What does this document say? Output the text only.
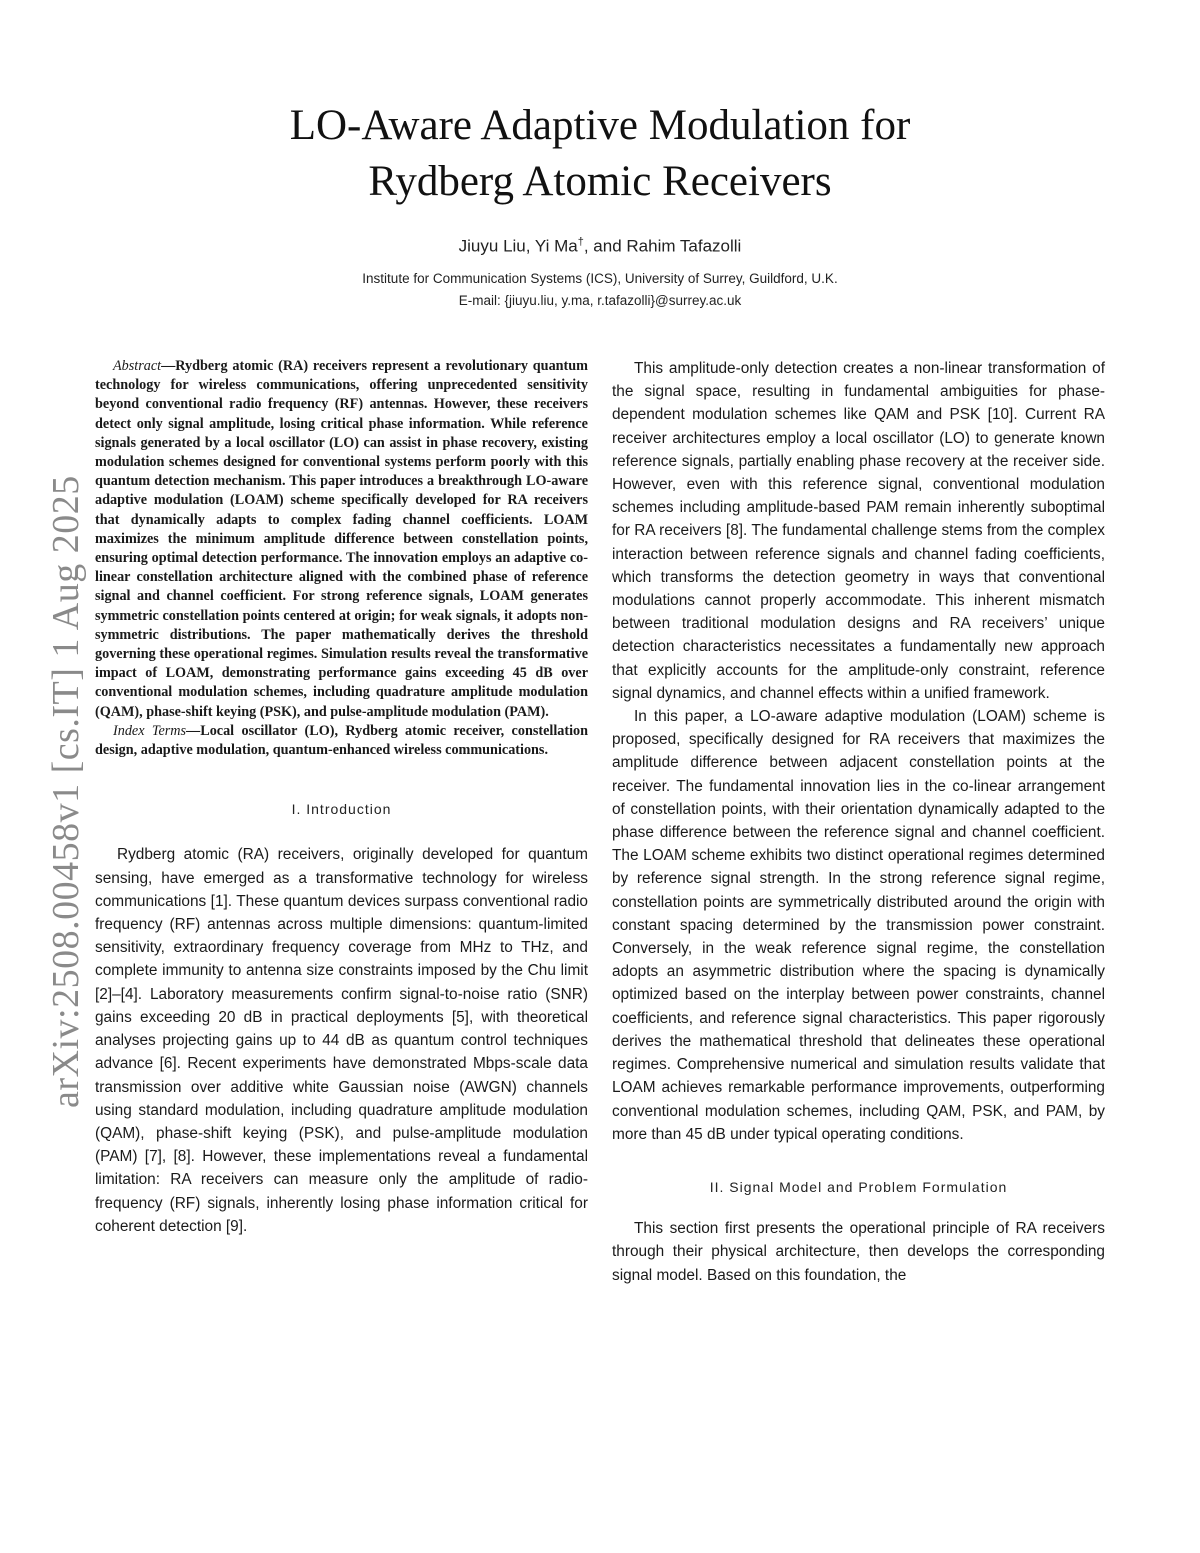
arXiv:2508.00458v1 [cs.IT] 1 Aug 2025
LO-Aware Adaptive Modulation for
Rydberg Atomic Receivers
Jiuyu Liu, Yi Ma†, and Rahim Tafazolli
Institute for Communication Systems (ICS), University of Surrey, Guildford, U.K.
E-mail: {jiuyu.liu, y.ma, r.tafazolli}@surrey.ac.uk

Abstract—Rydberg atomic (RA) receivers represent a revolutionary quantum technology for wireless communications, offering unprecedented sensitivity beyond conventional radio frequency (RF) antennas. However, these receivers detect only signal amplitude, losing critical phase information. While reference signals generated by a local oscillator (LO) can assist in phase recovery, existing modulation schemes designed for conventional systems perform poorly with this quantum detection mechanism. This paper introduces a breakthrough LO-aware adaptive modulation (LOAM) scheme specifically developed for RA receivers that dynamically adapts to complex fading channel coefficients. LOAM maximizes the minimum amplitude difference between constellation points, ensuring optimal detection performance. The innovation employs an adaptive co-linear constellation architecture aligned with the combined phase of reference signal and channel coefficient. For strong reference signals, LOAM generates symmetric constellation points centered at origin; for weak signals, it adopts non-symmetric distributions. The paper mathematically derives the threshold governing these operational regimes. Simulation results reveal the transformative impact of LOAM, demonstrating performance gains exceeding 45 dB over conventional modulation schemes, including quadrature amplitude modulation (QAM), phase-shift keying (PSK), and pulse-amplitude modulation (PAM).

Index Terms—Local oscillator (LO), Rydberg atomic receiver, constellation design, adaptive modulation, quantum-enhanced wireless communications.

I. Introduction

Rydberg atomic (RA) receivers, originally developed for quantum sensing, have emerged as a transformative technology for wireless communications [1]. These quantum devices surpass conventional radio frequency (RF) antennas across multiple dimensions: quantum-limited sensitivity, extraordinary frequency coverage from MHz to THz, and complete immunity to antenna size constraints imposed by the Chu limit [2]–[4]. Laboratory measurements confirm signal-to-noise ratio (SNR) gains exceeding 20 dB in practical deployments [5], with theoretical analyses projecting gains up to 44 dB as quantum control techniques advance [6]. Recent experiments have demonstrated Mbps-scale data transmission over additive white Gaussian noise (AWGN) channels using standard modulation, including quadrature amplitude modulation (QAM), phase-shift keying (PSK), and pulse-amplitude modulation (PAM) [7], [8]. However, these implementations reveal a fundamental limitation: RA receivers can measure only the amplitude of radio-frequency (RF) signals, inherently losing phase information critical for coherent detection [9].

This amplitude-only detection creates a non-linear transformation of the signal space, resulting in fundamental ambiguities for phase-dependent modulation schemes like QAM and PSK [10]. Current RA receiver architectures employ a local oscillator (LO) to generate known reference signals, partially enabling phase recovery at the receiver side. However, even with this reference signal, conventional modulation schemes including amplitude-based PAM remain inherently suboptimal for RA receivers [8]. The fundamental challenge stems from the complex interaction between reference signals and channel fading coefficients, which transforms the detection geometry in ways that conventional modulations cannot properly accommodate. This inherent mismatch between traditional modulation designs and RA receivers’ unique detection characteristics necessitates a fundamentally new approach that explicitly accounts for the amplitude-only constraint, reference signal dynamics, and channel effects within a unified framework.

In this paper, a LO-aware adaptive modulation (LOAM) scheme is proposed, specifically designed for RA receivers that maximizes the amplitude difference between adjacent constellation points at the receiver. The fundamental innovation lies in the co-linear arrangement of constellation points, with their orientation dynamically adapted to the phase difference between the reference signal and channel coefficient. The LOAM scheme exhibits two distinct operational regimes determined by reference signal strength. In the strong reference signal regime, constellation points are symmetrically distributed around the origin with constant spacing determined by the transmission power constraint. Conversely, in the weak reference signal regime, the constellation adopts an asymmetric distribution where the spacing is dynamically optimized based on the interplay between power constraints, channel coefficients, and reference signal characteristics. This paper rigorously derives the mathematical threshold that delineates these operational regimes. Comprehensive numerical and simulation results validate that LOAM achieves remarkable performance improvements, outperforming conventional modulation schemes, including QAM, PSK, and PAM, by more than 45 dB under typical operating conditions.

II. Signal Model and Problem Formulation

This section first presents the operational principle of RA receivers through their physical architecture, then develops the corresponding signal model. Based on this foundation, the
